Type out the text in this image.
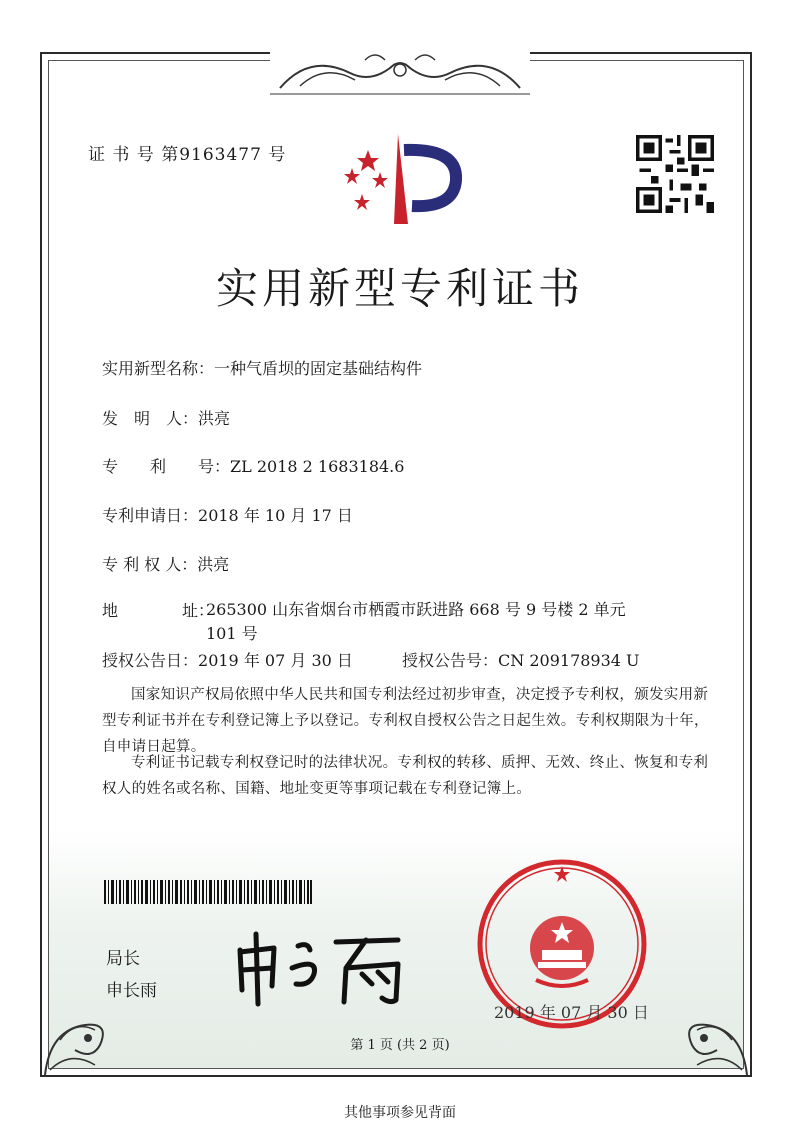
证 书 号 第9163477 号
实用新型专利证书
实用新型名称：一种气盾坝的固定基础结构件
发　明　人：洪亮
专　　利　　号：ZL 2018 2 1683184.6
专利申请日：2018 年 10 月 17 日
专 利 权 人：洪亮
地　　　　址：
265300 山东省烟台市栖霞市跃进路 668 号 9 号楼 2 单元 101 号
授权公告日：2019 年 07 月 30 日	授权公告号：CN 209178934 U
国家知识产权局依照中华人民共和国专利法经过初步审查，决定授予专利权，颁发实用新型专利证书并在专利登记簿上予以登记。专利权自授权公告之日起生效。专利权期限为十年，自申请日起算。
专利证书记载专利权登记时的法律状况。专利权的转移、质押、无效、终止、恢复和专利权人的姓名或名称、国籍、地址变更等事项记载在专利登记簿上。
局长
申长雨
2019 年 07 月 30 日
第 1 页 (共 2 页)
其他事项参见背面
